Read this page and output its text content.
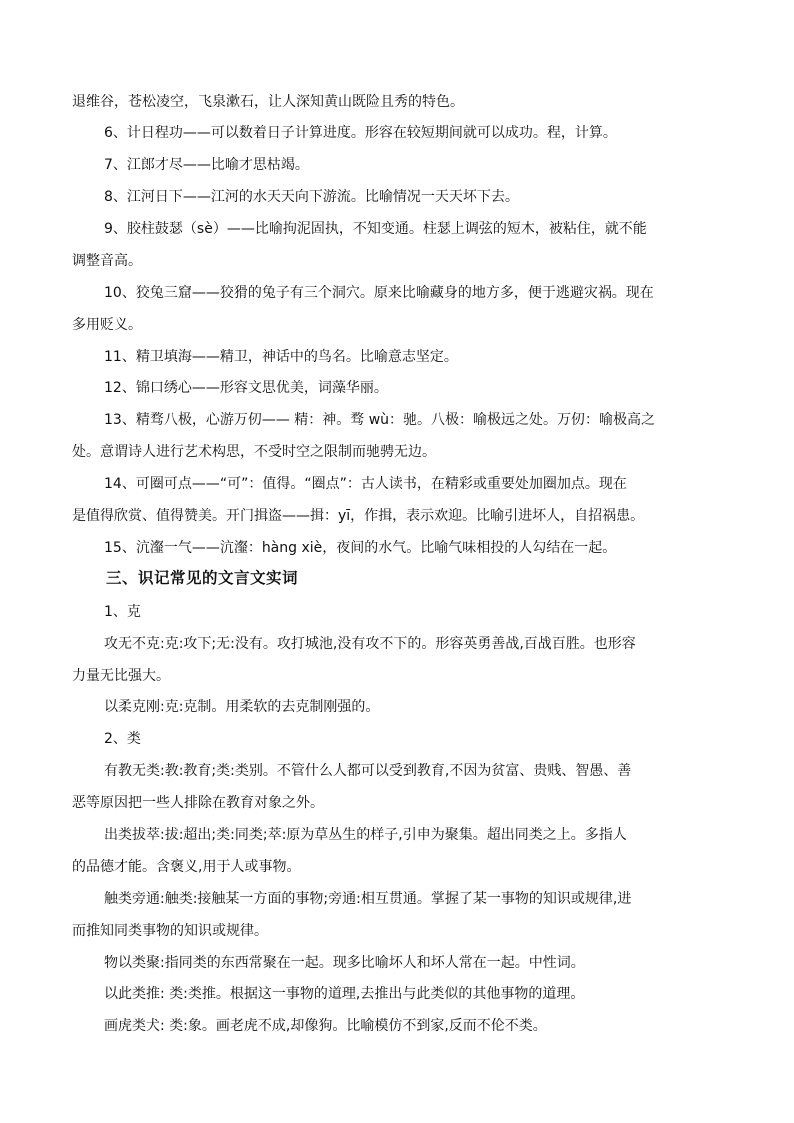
退维谷，苍松凌空，飞泉漱石，让人深知黄山既险且秀的特色。
6、计日程功——可以数着日子计算进度。形容在较短期间就可以成功。程，计算。
7、江郎才尽——比喻才思枯竭。
8、江河日下——江河的水天天向下游流。比喻情况一天天坏下去。
9、胶柱鼓瑟（sè）——比喻拘泥固执，不知变通。柱瑟上调弦的短木，被粘住，就不能
调整音高。
10、狡兔三窟——狡猾的兔子有三个洞穴。原来比喻藏身的地方多，便于逃避灾祸。现在
多用贬义。
11、精卫填海——精卫，神话中的鸟名。比喻意志坚定。
12、锦口绣心——形容文思优美，词藻华丽。
13、精骛八极，心游万仞—— 精：神。骛 wù：驰。八极：喻极远之处。万仞：喻极高之
处。意谓诗人进行艺术构思，不受时空之限制而驰骋无边。
14、可圈可点——“可”：值得。“圈点”：古人读书，在精彩或重要处加圈加点。现在
是值得欣赏、值得赞美。开门揖盗——揖：yī，作揖，表示欢迎。比喻引进坏人，自招祸患。
15、沆瀣一气——沆瀣：hàng xiè，夜间的水气。比喻气味相投的人勾结在一起。
三、识记常见的文言文实词
1、克
攻无不克:克:攻下;无:没有。攻打城池,没有攻不下的。形容英勇善战,百战百胜。也形容
力量无比强大。
以柔克刚:克:克制。用柔软的去克制刚强的。
2、类
有教无类:教:教育;类:类别。不管什么人都可以受到教育,不因为贫富、贵贱、智愚、善
恶等原因把一些人排除在教育对象之外。
出类拔萃:拔:超出;类:同类;萃:原为草丛生的样子,引申为聚集。超出同类之上。多指人
的品德才能。含褒义,用于人或事物。
触类旁通:触类:接触某一方面的事物;旁通:相互贯通。掌握了某一事物的知识或规律,进
而推知同类事物的知识或规律。
物以类聚:指同类的东西常聚在一起。现多比喻坏人和坏人常在一起。中性词。
以此类推: 类:类推。根据这一事物的道理,去推出与此类似的其他事物的道理。
画虎类犬: 类:象。画老虎不成,却像狗。比喻模仿不到家,反而不伦不类。
